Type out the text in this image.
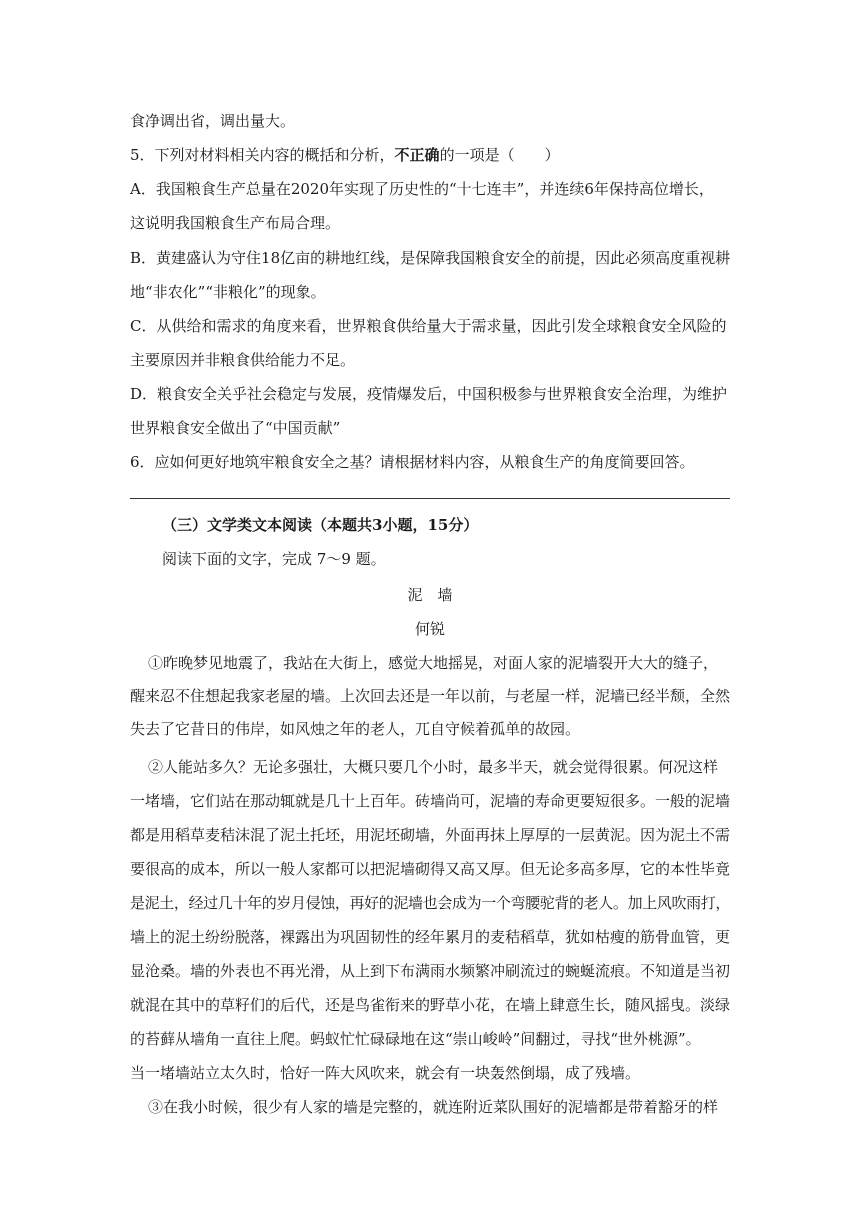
食净调出省，调出量大。
5．下列对材料相关内容的概括和分析，不正确的一项是（　　）
A．我国粮食生产总量在2020年实现了历史性的“十七连丰”，并连续6年保持高位增长，
这说明我国粮食生产布局合理。
B．黄建盛认为守住18亿亩的耕地红线，是保障我国粮食安全的前提，因此必须高度重视耕
地“非农化”“非粮化”的现象。
C．从供给和需求的角度来看，世界粮食供给量大于需求量，因此引发全球粮食安全风险的
主要原因并非粮食供给能力不足。
D．粮食安全关乎社会稳定与发展，疫情爆发后，中国积极参与世界粮食安全治理，为维护
世界粮食安全做出了“中国贡献”
6．应如何更好地筑牢粮食安全之基？请根据材料内容，从粮食生产的角度简要回答。
（三）文学类文本阅读（本题共3小题，15分）
阅读下面的文字，完成 7～9 题。
泥　墙
何锐
①昨晚梦见地震了，我站在大街上，感觉大地摇晃，对面人家的泥墙裂开大大的缝子，
醒来忍不住想起我家老屋的墙。上次回去还是一年以前，与老屋一样，泥墙已经半颓，全然
失去了它昔日的伟岸，如风烛之年的老人，兀自守候着孤单的故园。
②人能站多久？无论多强壮，大概只要几个小时，最多半天，就会觉得很累。何况这样
一堵墙，它们站在那动辄就是几十上百年。砖墙尚可，泥墙的寿命更要短很多。一般的泥墙
都是用稻草麦秸沫混了泥土托坯，用泥坯砌墙，外面再抹上厚厚的一层黄泥。因为泥土不需
要很高的成本，所以一般人家都可以把泥墙砌得又高又厚。但无论多高多厚，它的本性毕竟
是泥土，经过几十年的岁月侵蚀，再好的泥墙也会成为一个弯腰驼背的老人。加上风吹雨打，
墙上的泥土纷纷脱落，裸露出为巩固韧性的经年累月的麦秸稻草，犹如枯瘦的筋骨血管，更
显沧桑。墙的外表也不再光滑，从上到下布满雨水频繁冲刷流过的蜿蜒流痕。不知道是当初
就混在其中的草籽们的后代，还是鸟雀衔来的野草小花，在墙上肆意生长，随风摇曳。淡绿
的苔藓从墙角一直往上爬。蚂蚁忙忙碌碌地在这“崇山峻岭”间翻过，寻找“世外桃源”。
当一堵墙站立太久时，恰好一阵大风吹来，就会有一块轰然倒塌，成了残墙。
③在我小时候，很少有人家的墙是完整的，就连附近菜队围好的泥墙都是带着豁牙的样
